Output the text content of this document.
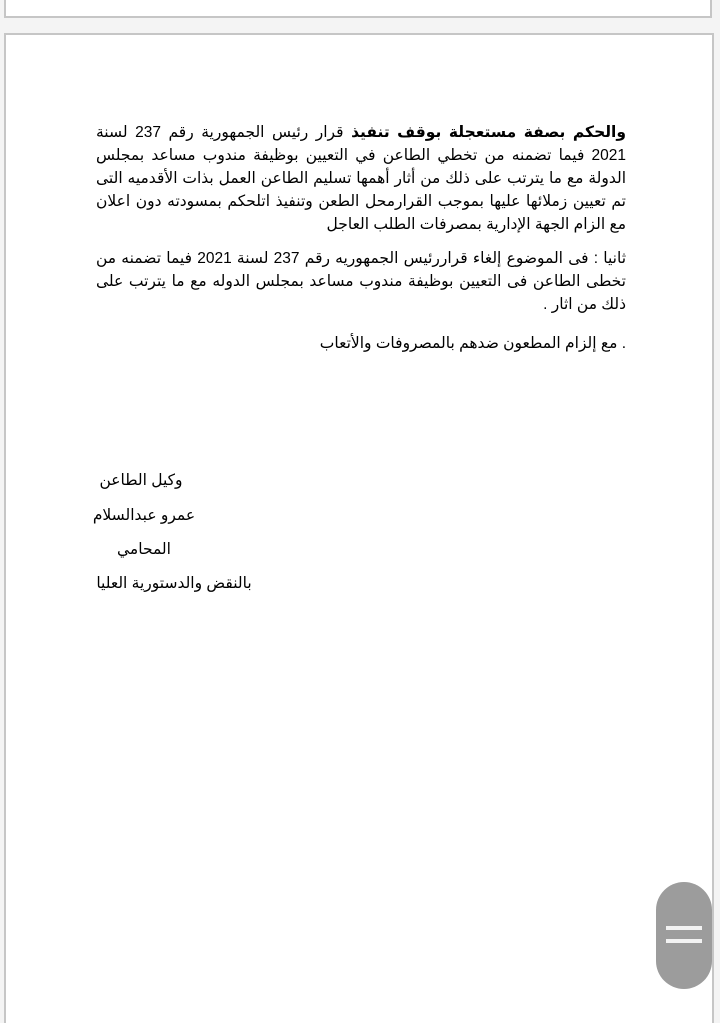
والحكم بصفة مستعجلة بوقف تنفيذ قرار رئيس الجمهورية رقم 237 لسنة 2021 فيما تضمنه من تخطي الطاعن في التعيين بوظيفة مندوب مساعد بمجلس الدولة مع ما يترتب على ذلك من أثار أهمها تسليم الطاعن العمل بذات الأقدميه التى تم تعيين زملائها عليها بموجب القرارمحل الطعن وتنفيذ اتلحكم بمسودته دون اعلان مع الزام الجهة الإدارية بمصرفات الطلب العاجل
ثانيا : فى الموضوع إلغاء قراررئيس الجمهوريه رقم 237 لسنة 2021 فيما تضمنه من تخطى الطاعن فى التعيين بوظيفة مندوب مساعد بمجلس الدوله مع ما يترتب على ذلك من اثار .
. مع إلزام المطعون ضدهم بالمصروفات والأتعاب
وكيل الطاعن
عمرو عبدالسلام
المحامي
بالنقض والدستورية العليا
